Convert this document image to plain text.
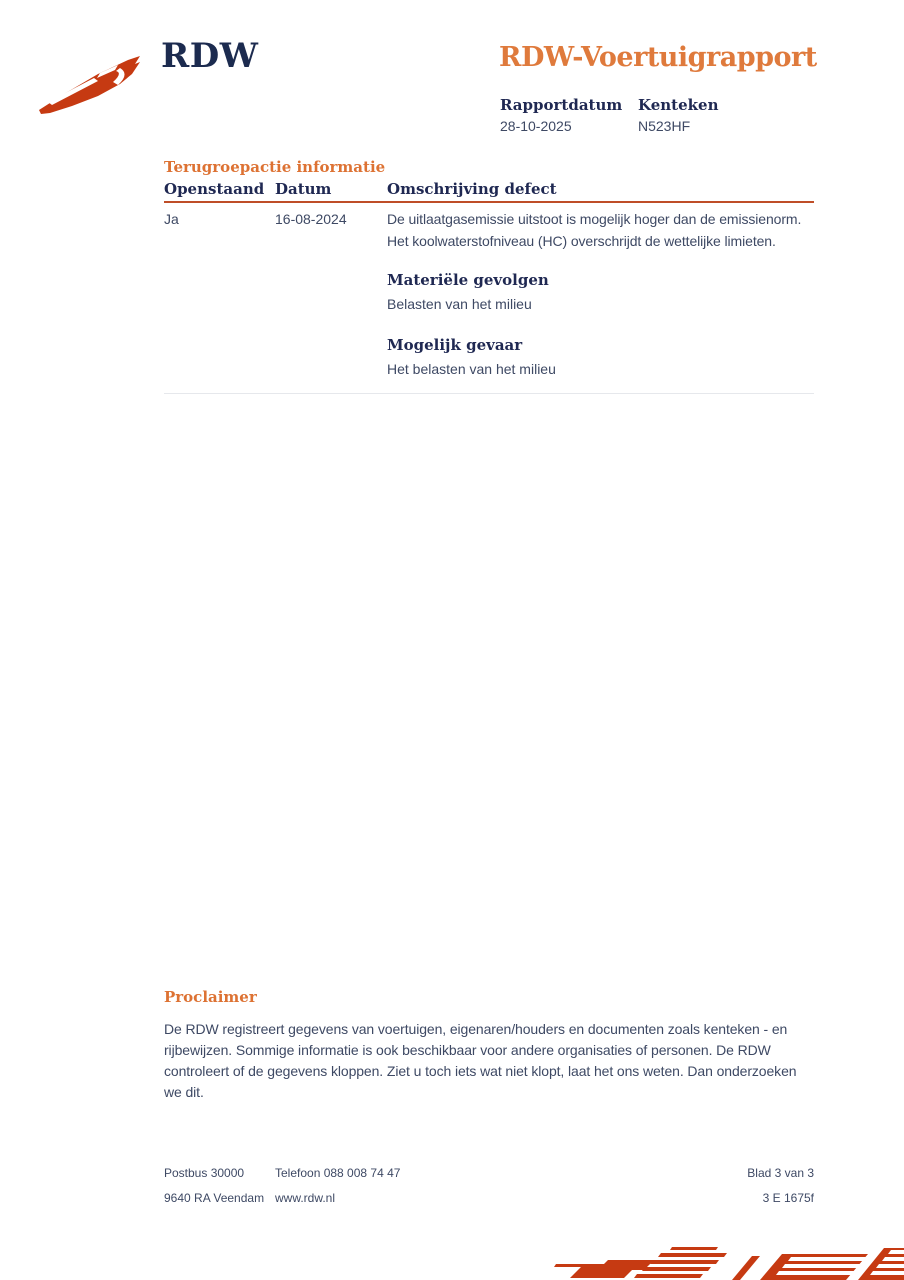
RDW	RDW-Voertuigrapport
Rapportdatum Kenteken
28-10-2025	N523HF
Terugroepactie informatie
Openstaand Datum	Omschrijving defect
Ja	16-08-2024	De uitlaatgasemissie uitstoot is mogelijk hoger dan de emissienorm.
Het koolwaterstofniveau (HC) overschrijdt de wettelijke limieten.
Materiële gevolgen
Belasten van het milieu
Mogelijk gevaar
Het belasten van het milieu
Proclaimer
De RDW registreert gegevens van voertuigen, eigenaren/houders en documenten zoals kenteken - en rijbewijzen. Sommige informatie is ook beschikbaar voor andere organisaties of personen. De RDW controleert of de gegevens kloppen. Ziet u toch iets wat niet klopt, laat het ons weten. Dan onderzoeken we dit.
Postbus 30000	Telefoon 088 008 74 47	Blad 3 van 3
9640 RA Veendam www.rdw.nl	3 E 1675f
